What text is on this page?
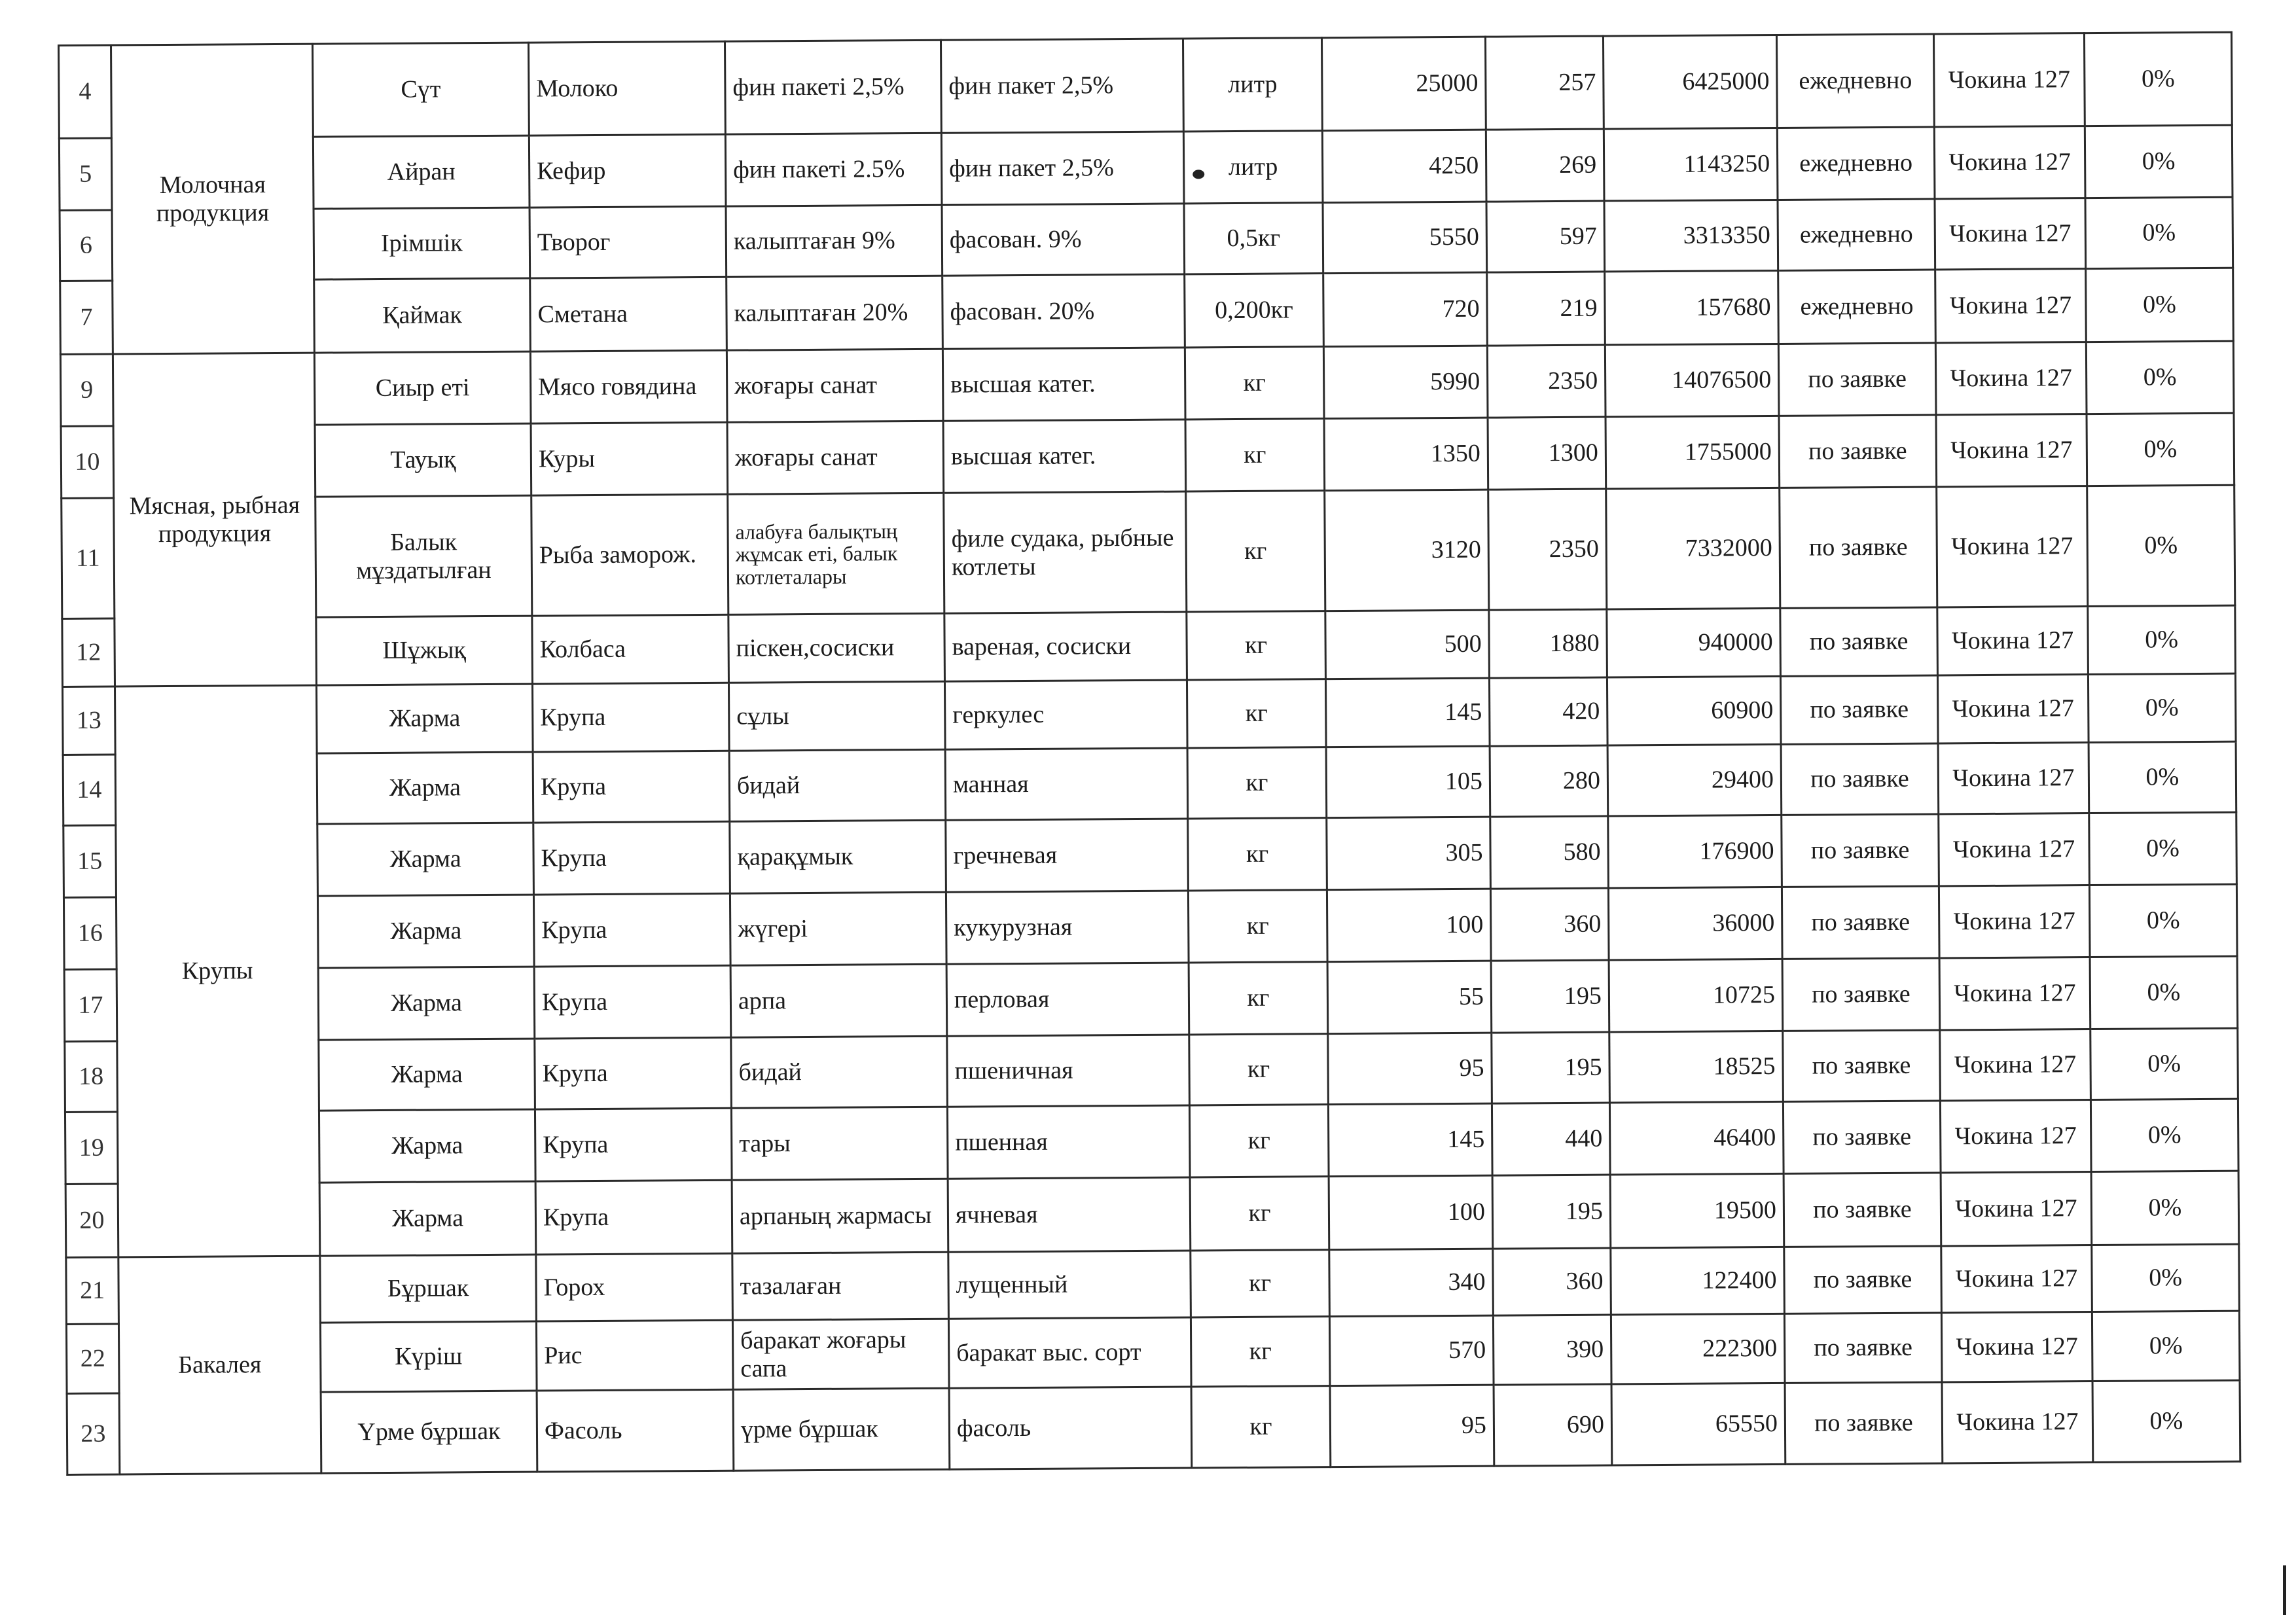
4	Молочная продукция	Сүт	Молоко	фин пакеті 2,5%	фин пакет 2,5%	литр	25000	257	6425000	ежедневно	Чокина 127	0%
5		Айран	Кефир	фин пакеті 2.5%	фин пакет 2,5%	литр	4250	269	1143250	ежедневно	Чокина 127	0%
6		Ірімшік	Творог	калыптаған 9%	фасован. 9%	0,5кг	5550	597	3313350	ежедневно	Чокина 127	0%
7		Қаймак	Сметана	калыптаған 20%	фасован. 20%	0,200кг	720	219	157680	ежедневно	Чокина 127	0%
9	Мясная, рыбная продукция	Сиыр еті	Мясо говядина	жоғары санат	высшая катег.	кг	5990	2350	14076500	по заявке	Чокина 127	0%
10		Тауық	Куры	жоғары санат	высшая катег.	кг	1350	1300	1755000	по заявке	Чокина 127	0%
11		Балык мұздатылған	Рыба заморож.	алабуға балықтың жұмсак еті, балык котлеталары	филе судака, рыбные котлеты	кг	3120	2350	7332000	по заявке	Чокина 127	0%
12		Шұжық	Колбаса	піскен,сосиски	вареная, сосиски	кг	500	1880	940000	по заявке	Чокина 127	0%
13	Крупы	Жарма	Крупа	сұлы	геркулес	кг	145	420	60900	по заявке	Чокина 127	0%
14		Жарма	Крупа	бидай	манная	кг	105	280	29400	по заявке	Чокина 127	0%
15		Жарма	Крупа	қарақұмык	гречневая	кг	305	580	176900	по заявке	Чокина 127	0%
16		Жарма	Крупа	жүгері	кукурузная	кг	100	360	36000	по заявке	Чокина 127	0%
17		Жарма	Крупа	арпа	перловая	кг	55	195	10725	по заявке	Чокина 127	0%
18		Жарма	Крупа	бидай	пшеничная	кг	95	195	18525	по заявке	Чокина 127	0%
19		Жарма	Крупа	тары	пшенная	кг	145	440	46400	по заявке	Чокина 127	0%
20		Жарма	Крупа	арпаның жармасы	ячневая	кг	100	195	19500	по заявке	Чокина 127	0%
21	Бакалея	Бұршак	Горох	тазалаған	лущенный	кг	340	360	122400	по заявке	Чокина 127	0%
22		Күріш	Рис	баракат жоғары сапа	баракат выс. сорт	кг	570	390	222300	по заявке	Чокина 127	0%
23		Үрме бұршак	Фасоль	үрме бұршак	фасоль	кг	95	690	65550	по заявке	Чокина 127	0%
